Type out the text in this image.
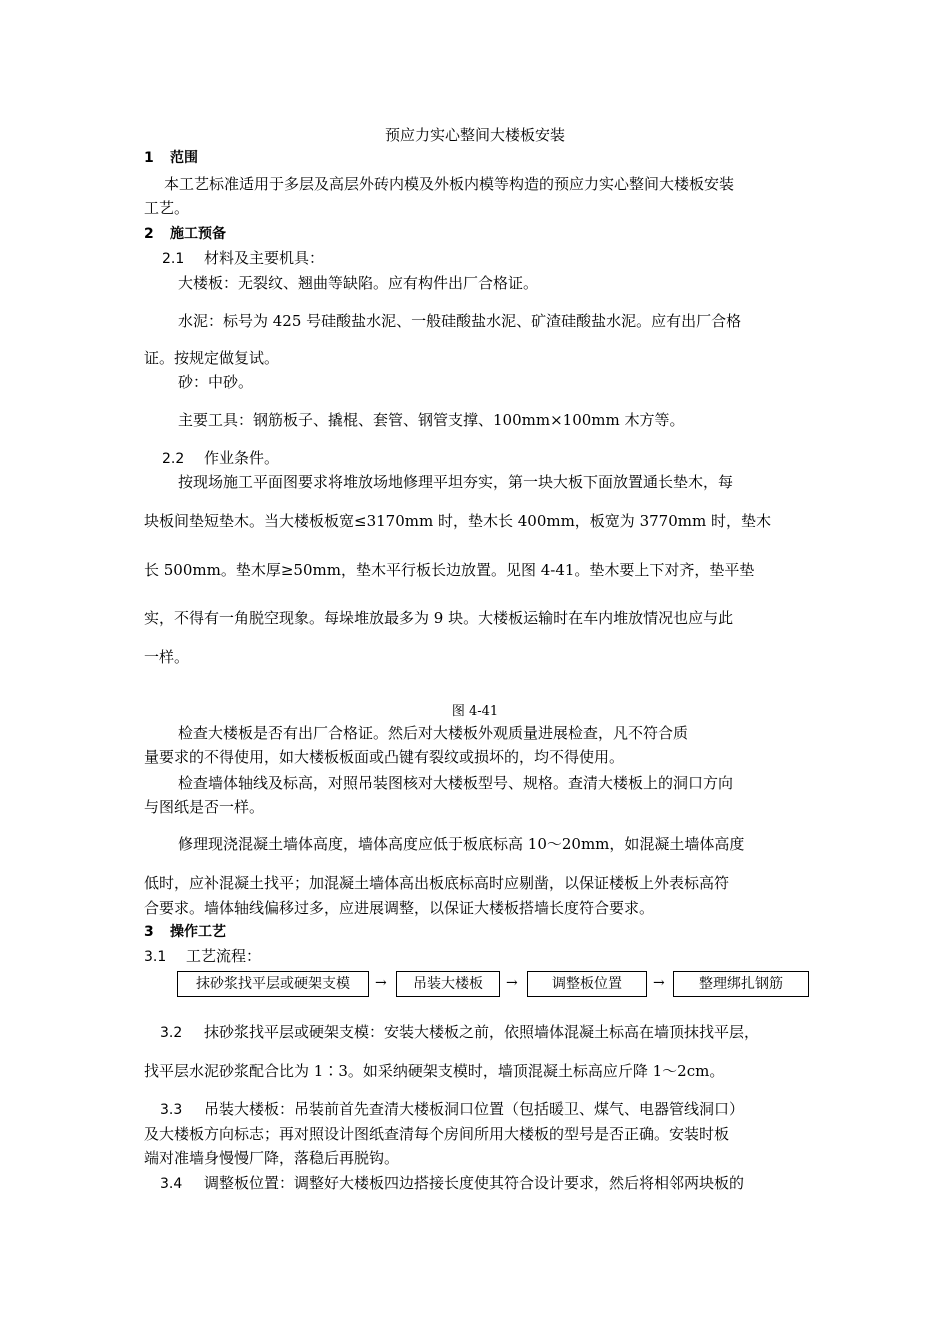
预应力实心整间大楼板安装
1 范围
本工艺标准适用于多层及高层外砖内模及外板内模等构造的预应力实心整间大楼板安装
工艺。
2 施工预备
2.1 材料及主要机具：
大楼板：无裂纹、翘曲等缺陷。应有构件出厂合格证。
水泥：标号为 425 号硅酸盐水泥、一般硅酸盐水泥、矿渣硅酸盐水泥。应有出厂合格
证。按规定做复试。
砂：中砂。
主要工具：钢筋板子、撬棍、套管、钢管支撑、100mm×100mm 木方等。
2.2 作业条件。
按现场施工平面图要求将堆放场地修理平坦夯实，第一块大板下面放置通长垫木，每
块板间垫短垫木。当大楼板板宽≤3170mm 时，垫木长 400mm，板宽为 3770mm 时，垫木
长 500mm。垫木厚≥50mm，垫木平行板长边放置。见图 4-41。垫木要上下对齐，垫平垫
实，不得有一角脱空现象。每垛堆放最多为 9 块。大楼板运输时在车内堆放情况也应与此
一样。
图 4-41
检查大楼板是否有出厂合格证。然后对大楼板外观质量进展检查，凡不符合质
量要求的不得使用，如大楼板板面或凸键有裂纹或损坏的，均不得使用。
检查墙体轴线及标高，对照吊装图核对大楼板型号、规格。查清大楼板上的洞口方向
与图纸是否一样。
修理现浇混凝土墙体高度，墙体高度应低于板底标高 10～20mm，如混凝土墙体高度
低时，应补混凝土找平；加混凝土墙体高出板底标高时应剔凿，以保证楼板上外表标高符
合要求。墙体轴线偏移过多，应进展调整，以保证大楼板搭墙长度符合要求。
3 操作工艺
3.1 工艺流程：
抹砂浆找平层或硬架支模	→	吊装大楼板	→	调整板位置	→	整理绑扎钢筋
3.2 抹砂浆找平层或硬架支模：安装大楼板之前，依照墙体混凝土标高在墙顶抹找平层，
找平层水泥砂浆配合比为 1∶3。如采纳硬架支模时，墙顶混凝土标高应斤降 1～2cm。
3.3 吊装大楼板：吊装前首先查清大楼板洞口位置（包括暖卫、煤气、电器管线洞口）
及大楼板方向标志；再对照设计图纸查清每个房间所用大楼板的型号是否正确。安装时板
端对准墙身慢慢厂降，落稳后再脱钩。
3.4 调整板位置：调整好大楼板四边搭接长度使其符合设计要求，然后将相邻两块板的
